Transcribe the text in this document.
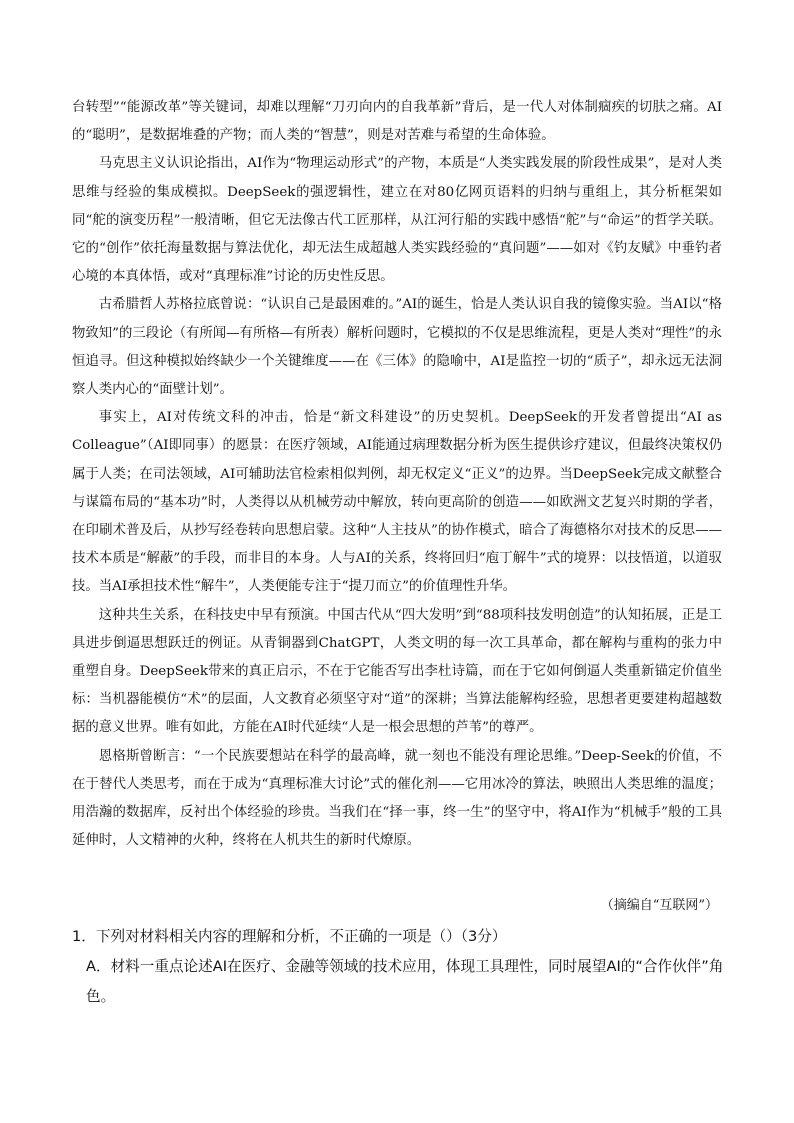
台转型”“能源改革”等关键词，却难以理解“刀刃向内的自我革新”背后，是一代人对体制痼疾的切肤之痛。AI的“聪明”，是数据堆叠的产物；而人类的“智慧”，则是对苦难与希望的生命体验。

马克思主义认识论指出，AI作为“物理运动形式”的产物，本质是“人类实践发展的阶段性成果”，是对人类思维与经验的集成模拟。DeepSeek的强逻辑性，建立在对80亿网页语料的归纳与重组上，其分析框架如同“舵的演变历程”一般清晰，但它无法像古代工匠那样，从江河行船的实践中感悟“舵”与“命运”的哲学关联。它的“创作”依托海量数据与算法优化，却无法生成超越人类实践经验的“真问题”——如对《钓友赋》中垂钓者心境的本真体悟，或对“真理标准”讨论的历史性反思。

古希腊哲人苏格拉底曾说：“认识自己是最困难的。”AI的诞生，恰是人类认识自我的镜像实验。当AI以“格物致知”的三段论（有所闻—有所格—有所表）解析问题时，它模拟的不仅是思维流程，更是人类对“理性”的永恒追寻。但这种模拟始终缺少一个关键维度——在《三体》的隐喻中，AI是监控一切的“质子”，却永远无法洞察人类内心的“面壁计划”。

事实上，AI对传统文科的冲击，恰是“新文科建设”的历史契机。DeepSeek的开发者曾提出“AI as Colleague”（AI即同事）的愿景：在医疗领域，AI能通过病理数据分析为医生提供诊疗建议，但最终决策权仍属于人类；在司法领域，AI可辅助法官检索相似判例，却无权定义“正义”的边界。当DeepSeek完成文献整合与谋篇布局的“基本功”时，人类得以从机械劳动中解放，转向更高阶的创造——如欧洲文艺复兴时期的学者，在印刷术普及后，从抄写经卷转向思想启蒙。这种“人主技从”的协作模式，暗合了海德格尔对技术的反思——技术本质是“解蔽”的手段，而非目的本身。人与AI的关系，终将回归“庖丁解牛”式的境界：以技悟道，以道驭技。当AI承担技术性“解牛”，人类便能专注于“提刀而立”的价值理性升华。

这种共生关系，在科技史中早有预演。中国古代从“四大发明”到“88项科技发明创造”的认知拓展，正是工具进步倒逼思想跃迁的例证。从青铜器到ChatGPT，人类文明的每一次工具革命，都在解构与重构的张力中重塑自身。DeepSeek带来的真正启示，不在于它能否写出李杜诗篇，而在于它如何倒逼人类重新锚定价值坐标：当机器能模仿“术”的层面，人文教育必须坚守对“道”的深耕；当算法能解构经验，思想者更要建构超越数据的意义世界。唯有如此，方能在AI时代延续“人是一根会思想的芦苇”的尊严。

恩格斯曾断言：“一个民族要想站在科学的最高峰，就一刻也不能没有理论思维。”Deep-Seek的价值，不在于替代人类思考，而在于成为“真理标准大讨论”式的催化剂——它用冰冷的算法，映照出人类思维的温度；用浩瀚的数据库，反衬出个体经验的珍贵。当我们在“择一事，终一生”的坚守中，将AI作为“机械手”般的工具延伸时，人文精神的火种，终将在人机共生的新时代燎原。

（摘编自“互联网”）

1．下列对材料相关内容的理解和分析，不正确的一项是（）（3分）

A．材料一重点论述AI在医疗、金融等领域的技术应用，体现工具理性，同时展望AI的“合作伙伴”角

色。
